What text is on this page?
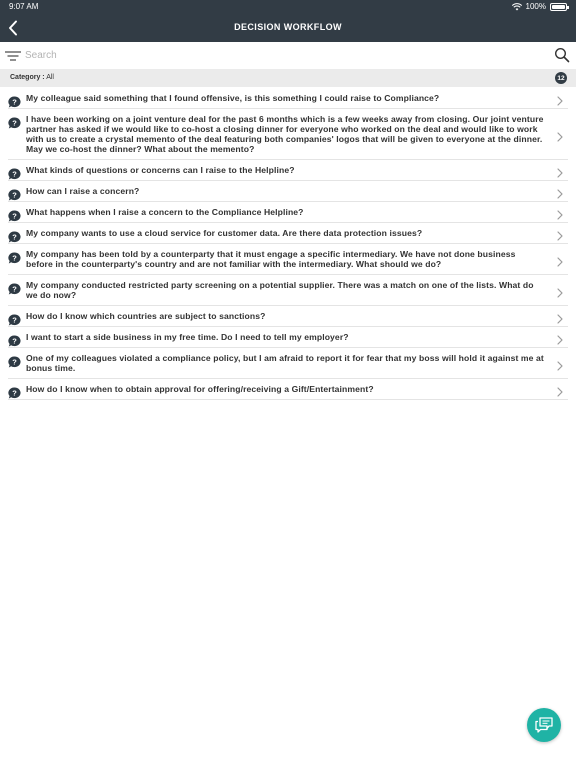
9:07 AM	100%
DECISION WORKFLOW
Search
Category : All	12
? My colleague said something that I found offensive, is this something I could raise to Compliance?
? I have been working on a joint venture deal for the past 6 months which is a few weeks away from closing. Our joint venture partner has asked if we would like to co-host a closing dinner for everyone who worked on the deal and would like to work with us to create a crystal memento of the deal featuring both companies' logos that will be given to everyone at the dinner. May we co-host the dinner? What about the memento?
? What kinds of questions or concerns can I raise to the Helpline?
? How can I raise a concern?
? What happens when I raise a concern to the Compliance Helpline?
? My company wants to use a cloud service for customer data. Are there data protection issues?
? My company has been told by a counterparty that it must engage a specific intermediary. We have not done business before in the counterparty's country and are not familiar with the intermediary. What should we do?
? My company conducted restricted party screening on a potential supplier. There was a match on one of the lists. What do we do now?
? How do I know which countries are subject to sanctions?
? I want to start a side business in my free time. Do I need to tell my employer?
? One of my colleagues violated a compliance policy, but I am afraid to report it for fear that my boss will hold it against me at bonus time.
? How do I know when to obtain approval for offering/receiving a Gift/Entertainment?
